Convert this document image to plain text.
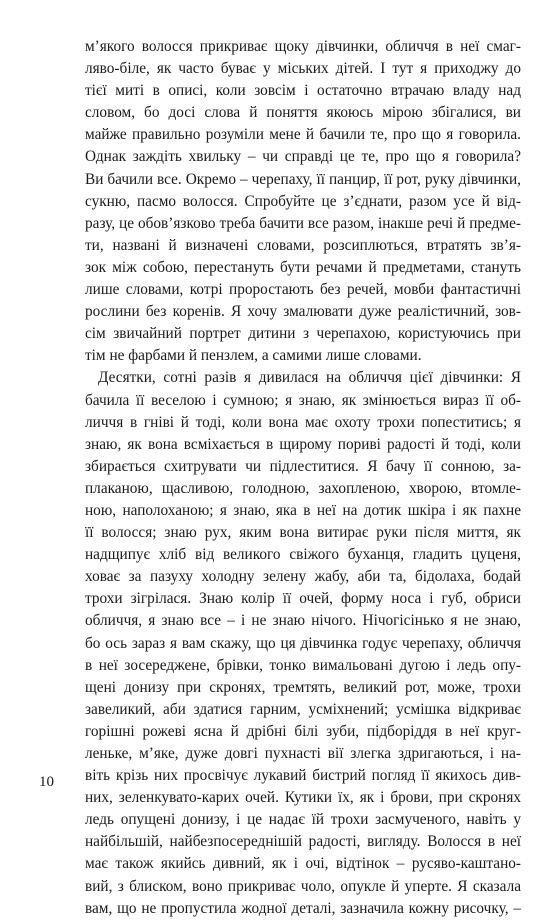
м’якого волосся прикриває щоку дівчинки, обличчя в неї смаг-
ляво-біле, як часто буває у міських дітей. І тут я приходжу до
тієї миті в описі, коли зовсім і остаточно втрачаю владу над
словом, бо досі слова й поняття якоюсь мірою збігалися, ви
майже правильно розуміли мене й бачили те, про що я говорила.
Однак заждіть хвильку – чи справді це те, про що я говорила?
Ви бачили все. Окремо – черепаху, її панцир, її рот, руку дівчинки,
сукню, пасмо волосся. Спробуйте це з’єднати, разом усе й від-
разу, це обов’язково треба бачити все разом, інакше речі й предме-
ти, названі й визначені словами, розсиплються, втратять зв’я-
зок між собою, перестануть бути речами й предметами, стануть
лише словами, котрі проростають без речей, мовби фантастичні
рослини без коренів. Я хочу змалювати дуже реалістичний, зов-
сім звичайний портрет дитини з черепахою, користуючись при
тім не фарбами й пензлем, а самими лише словами.
Десятки, сотні разів я дивилася на обличчя цієї дівчинки: Я
бачила її веселою і сумною; я знаю, як змінюється вираз її об-
личчя в гніві й тоді, коли вона має охоту трохи попеститись; я
знаю, як вона всміхається в щирому пориві радості й тоді, коли
збирається схитрувати чи підлеститися. Я бачу її сонною, за-
плаканою, щасливою, голодною, захопленою, хворою, втомле-
ною, наполоханою; я знаю, яка в неї на дотик шкіра і як пахне
її волосся; знаю рух, яким вона витирає руки після миття, як
надщипує хліб від великого свіжого буханця, гладить цуценя,
ховає за пазуху холодну зелену жабу, аби та, бідолаха, бодай
трохи зігрілася. Знаю колір її очей, форму носа і губ, обриси
обличчя, я знаю все – і не знаю нічого. Нічогісінько я не знаю,
бо ось зараз я вам скажу, що ця дівчинка годує черепаху, обличчя
в неї зосереджене, брівки, тонко вимальовані дугою і ледь опу-
щені донизу при скронях, тремтять, великий рот, може, трохи
завеликий, аби здатися гарним, усміхнений; усмішка відкриває
горішні рожеві ясна й дрібні білі зуби, підборіддя в неї круг-
леньке, м’яке, дуже довгі пухнасті вії злегка здригаються, і на-
віть крізь них просвічує лукавий бистрий погляд її якихось див-
них, зеленкувато-карих очей. Кутики їх, як і брови, при скронях
ледь опущені донизу, і це надає їй трохи засмученого, навіть у
найбільшій, найбезпосереднішій радості, вигляду. Волосся в неї
має також якийсь дивний, як і очі, відтінок – русяво-каштано-
вий, з блиском, воно прикриває чоло, опукле й уперте. Я сказала
вам, що не пропустила жодної деталі, зазначила кожну рисочку, –
10
